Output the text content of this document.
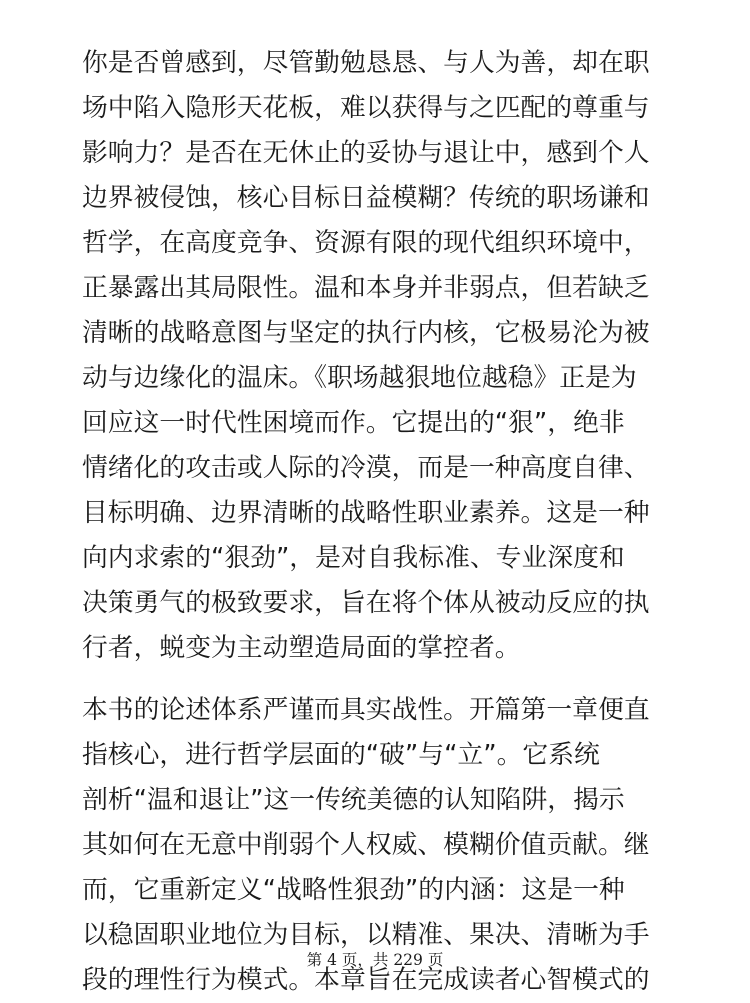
你是否曾感到，尽管勤勉恳恳、与人为善，却在职
场中陷入隐形天花板，难以获得与之匹配的尊重与
影响力？是否在无休止的妥协与退让中，感到个人
边界被侵蚀，核心目标日益模糊？传统的职场谦和
哲学，在高度竞争、资源有限的现代组织环境中，
正暴露出其局限性。温和本身并非弱点，但若缺乏
清晰的战略意图与坚定的执行内核，它极易沦为被
动与边缘化的温床。《职场越狠地位越稳》正是为
回应这一时代性困境而作。它提出的“狠”，绝非
情绪化的攻击或人际的冷漠，而是一种高度自律、
目标明确、边界清晰的战略性职业素养。这是一种
向内求索的“狠劲”，是对自我标准、专业深度和
决策勇气的极致要求，旨在将个体从被动反应的执
行者，蜕变为主动塑造局面的掌控者。
本书的论述体系严谨而具实战性。开篇第一章便直
指核心，进行哲学层面的“破”与“立”。它系统
剖析“温和退让”这一传统美德的认知陷阱，揭示
其如何在无意中削弱个人权威、模糊价值贡献。继
而，它重新定义“战略性狠劲”的内涵：这是一种
以稳固职业地位为目标，以精准、果决、清晰为手
段的理性行为模式。本章旨在完成读者心智模式的
第 4 页，共 229 页
